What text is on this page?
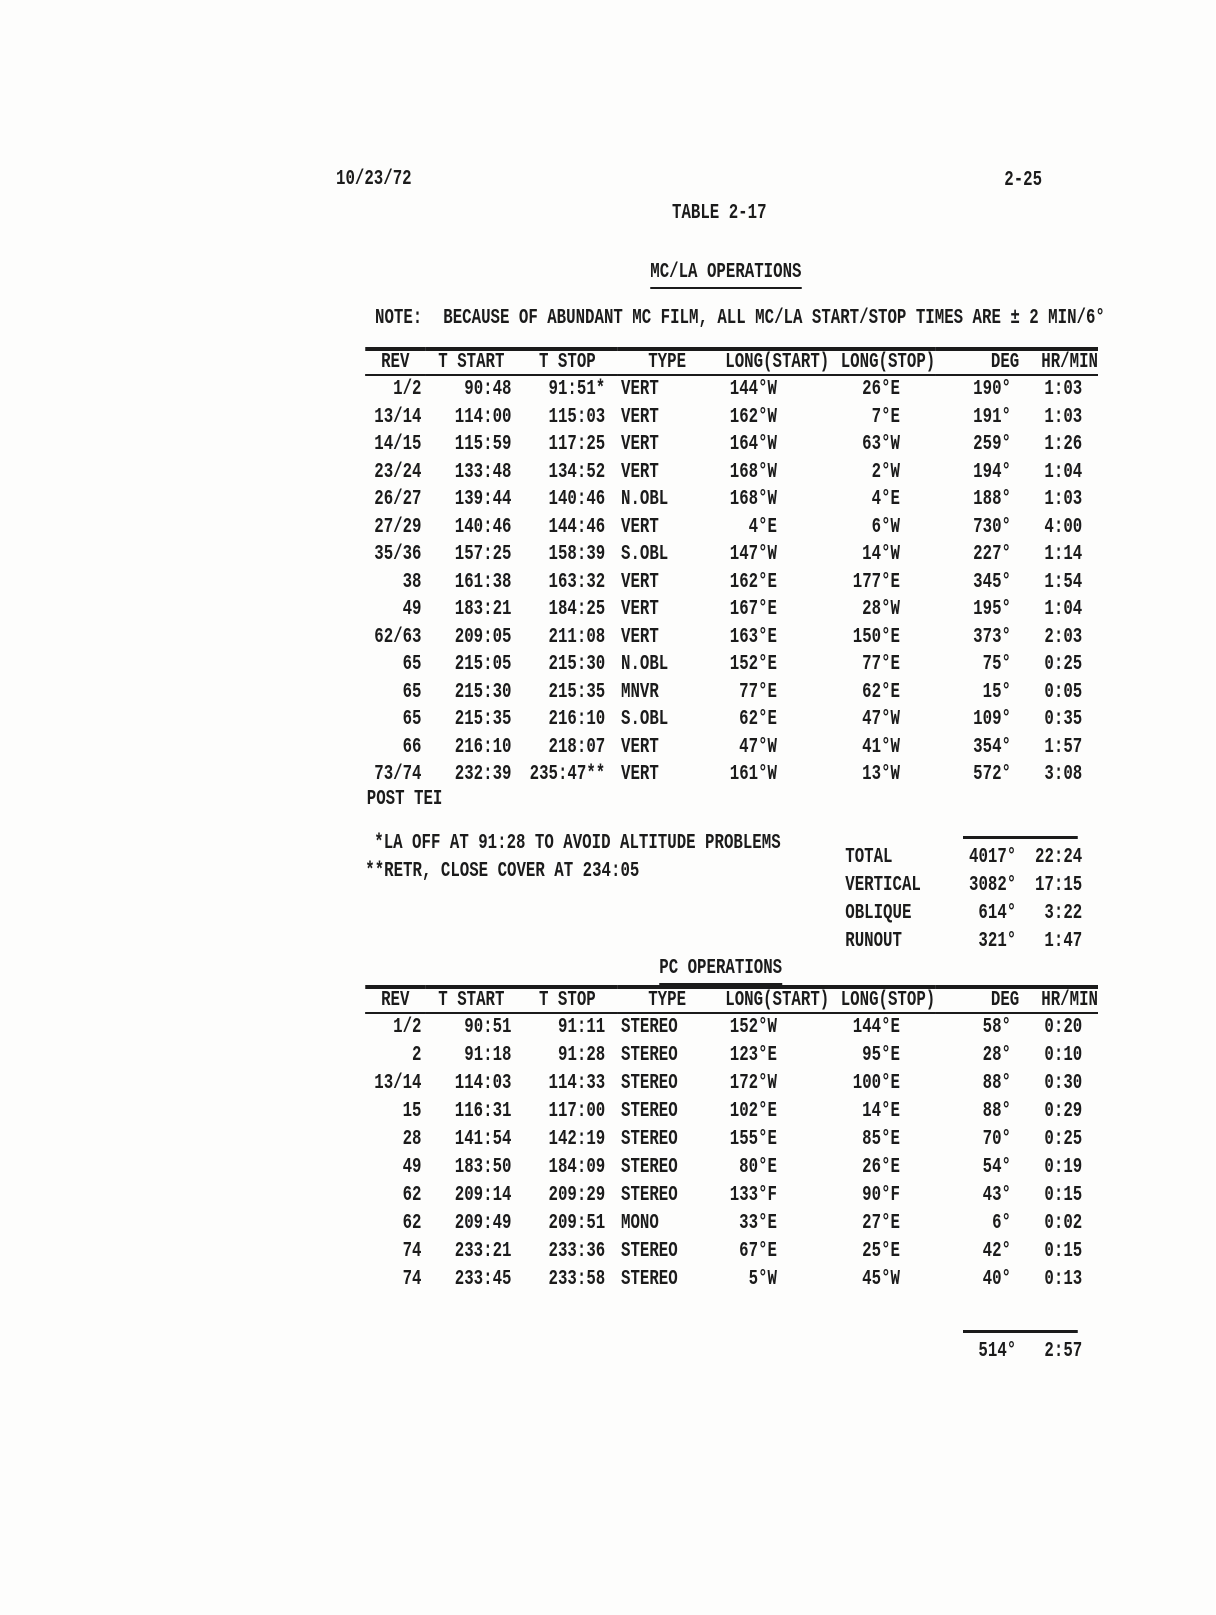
10/23/72	2-25
TABLE 2-17
MC/LA OPERATIONS
NOTE: BECAUSE OF ABUNDANT MC FILM, ALL MC/LA START/STOP TIMES ARE ± 2 MIN/6°
REV	T START	T STOP	TYPE	LONG(START)	LONG(STOP)	DEG	HR/MIN
1/2	90:48	91:51*	VERT	144°W	26°E	190°	1:03
13/14	114:00	115:03	VERT	162°W	7°E	191°	1:03
14/15	115:59	117:25	VERT	164°W	63°W	259°	1:26
23/24	133:48	134:52	VERT	168°W	2°W	194°	1:04
26/27	139:44	140:46	N.OBL	168°W	4°E	188°	1:03
27/29	140:46	144:46	VERT	4°E	6°W	730°	4:00
35/36	157:25	158:39	S.OBL	147°W	14°W	227°	1:14
38	161:38	163:32	VERT	162°E	177°E	345°	1:54
49	183:21	184:25	VERT	167°E	28°W	195°	1:04
62/63	209:05	211:08	VERT	163°E	150°E	373°	2:03
65	215:05	215:30	N.OBL	152°E	77°E	75°	0:25
65	215:30	215:35	MNVR	77°E	62°E	15°	0:05
65	215:35	216:10	S.OBL	62°E	47°W	109°	0:35
66	216:10	218:07	VERT	47°W	41°W	354°	1:57
73/74	232:39	235:47**	VERT	161°W	13°W	572°	3:08
POST TEI
*LA OFF AT 91:28 TO AVOID ALTITUDE PROBLEMS
**RETR, CLOSE COVER AT 234:05
TOTAL	4017° 22:24
VERTICAL	3082° 17:15
OBLIQUE	614°	3:22
RUNOUT	321°	1:47
PC OPERATIONS
REV	T START	T STOP	TYPE	LONG(START)	LONG(STOP)	DEG	HR/MIN
1/2	90:51	91:11	STEREO	152°W	144°E	58°	0:20
2	91:18	91:28	STEREO	123°E	95°E	28°	0:10
13/14	114:03	114:33	STEREO	172°W	100°E	88°	0:30
15	116:31	117:00	STEREO	102°E	14°E	88°	0:29
28	141:54	142:19	STEREO	155°E	85°E	70°	0:25
49	183:50	184:09	STEREO	80°E	26°E	54°	0:19
62	209:14	209:29	STEREO	133°F	90°F	43°	0:15
62	209:49	209:51	MONO	33°E	27°E	6°	0:02
74	233:21	233:36	STEREO	67°E	25°E	42°	0:15
74	233:45	233:58	STEREO	5°W	45°W	40°	0:13
514°	2:57
